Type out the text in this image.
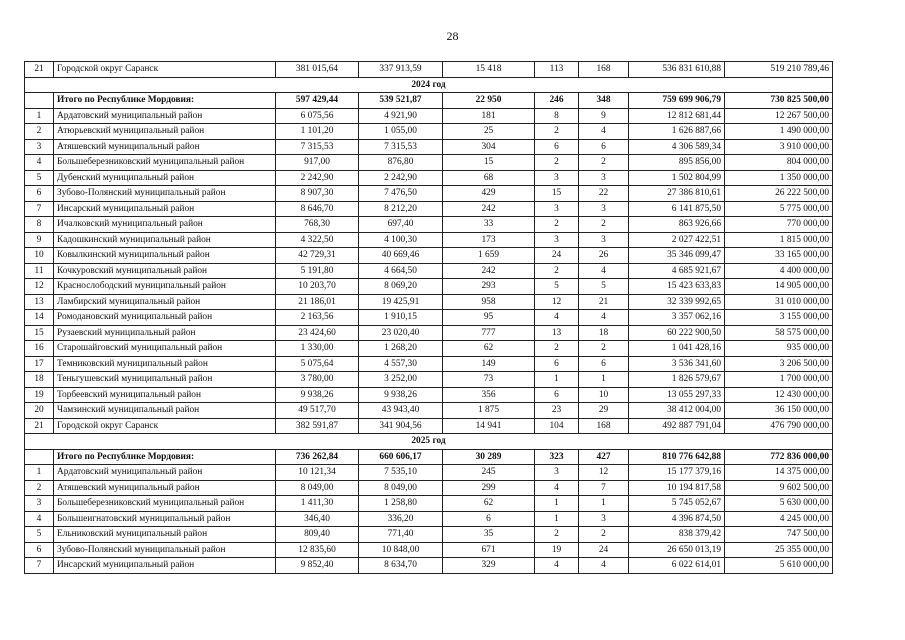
28
21	Городской округ Саранск	381 015,64	337 913,59	15 418	113	168	536 831 610,88	519 210 789,46
2024 год								
	Итого по Республике Мордовия:	597 429,44	539 521,87	22 950	246	348	759 699 906,79	730 825 500,00
1	Ардатовский муниципальный район	6 075,56	4 921,90	181	8	9	12 812 681,44	12 267 500,00
2	Атюрьевский муниципальный район	1 101,20	1 055,00	25	2	4	1 626 887,66	1 490 000,00
3	Атяшевский муниципальный район	7 315,53	7 315,53	304	6	6	4 306 589,34	3 910 000,00
4	Большеберезниковский муниципальный район	917,00	876,80	15	2	2	895 856,00	804 000,00
5	Дубенский муниципальный район	2 242,90	2 242,90	68	3	3	1 502 804,99	1 350 000,00
6	Зубово-Полянский муниципальный район	8 907,30	7 476,50	429	15	22	27 386 810,61	26 222 500,00
7	Инсарский муниципальный район	8 646,70	8 212,20	242	3	3	6 141 875,50	5 775 000,00
8	Ичалковский муниципальный район	768,30	697,40	33	2	2	863 926,66	770 000,00
9	Кадошкинский муниципальный район	4 322,50	4 100,30	173	3	3	2 027 422,51	1 815 000,00
10	Ковылкинский муниципальный район	42 729,31	40 669,46	1 659	24	26	35 346 099,47	33 165 000,00
11	Кочкуровский муниципальный район	5 191,80	4 664,50	242	2	4	4 685 921,67	4 400 000,00
12	Краснослободский муниципальный район	10 203,70	8 069,20	293	5	5	15 423 633,83	14 905 000,00
13	Ламбирский муниципальный район	21 186,01	19 425,91	958	12	21	32 339 992,65	31 010 000,00
14	Ромодановский муниципальный район	2 163,56	1 910,15	95	4	4	3 357 062,16	3 155 000,00
15	Рузаевский муниципальный район	23 424,60	23 020,40	777	13	18	60 222 900,50	58 575 000,00
16	Старошайговский муниципальный район	1 330,00	1 268,20	62	2	2	1 041 428,16	935 000,00
17	Темниковский муниципальный район	5 075,64	4 557,30	149	6	6	3 536 341,60	3 206 500,00
18	Теньгушевский муниципальный район	3 780,00	3 252,00	73	1	1	1 826 579,67	1 700 000,00
19	Торбеевский муниципальный район	9 938,26	9 938,26	356	6	10	13 055 297,33	12 430 000,00
20	Чамзинский муниципальный район	49 517,70	43 943,40	1 875	23	29	38 412 004,00	36 150 000,00
21	Городской округ Саранск	382 591,87	341 904,56	14 941	104	168	492 887 791,04	476 790 000,00
2025 год								
	Итого по Республике Мордовия:	736 262,84	660 606,17	30 289	323	427	810 776 642,88	772 836 000,00
1	Ардатовский муниципальный район	10 121,34	7 535,10	245	3	12	15 177 379,16	14 375 000,00
2	Атяшевский муниципальный район	8 049,00	8 049,00	299	4	7	10 194 817,58	9 602 500,00
3	Большеберезниковский муниципальный район	1 411,30	1 258,80	62	1	1	5 745 052,67	5 630 000,00
4	Большеигнатовский муниципальный район	346,40	336,20	6	1	3	4 396 874,50	4 245 000,00
5	Ельниковский муниципальный район	809,40	771,40	35	2	2	838 379,42	747 500,00
6	Зубово-Полянский муниципальный район	12 835,60	10 848,00	671	19	24	26 650 013,19	25 355 000,00
7	Инсарский муниципальный район	9 852,40	8 634,70	329	4	4	6 022 614,01	5 610 000,00
